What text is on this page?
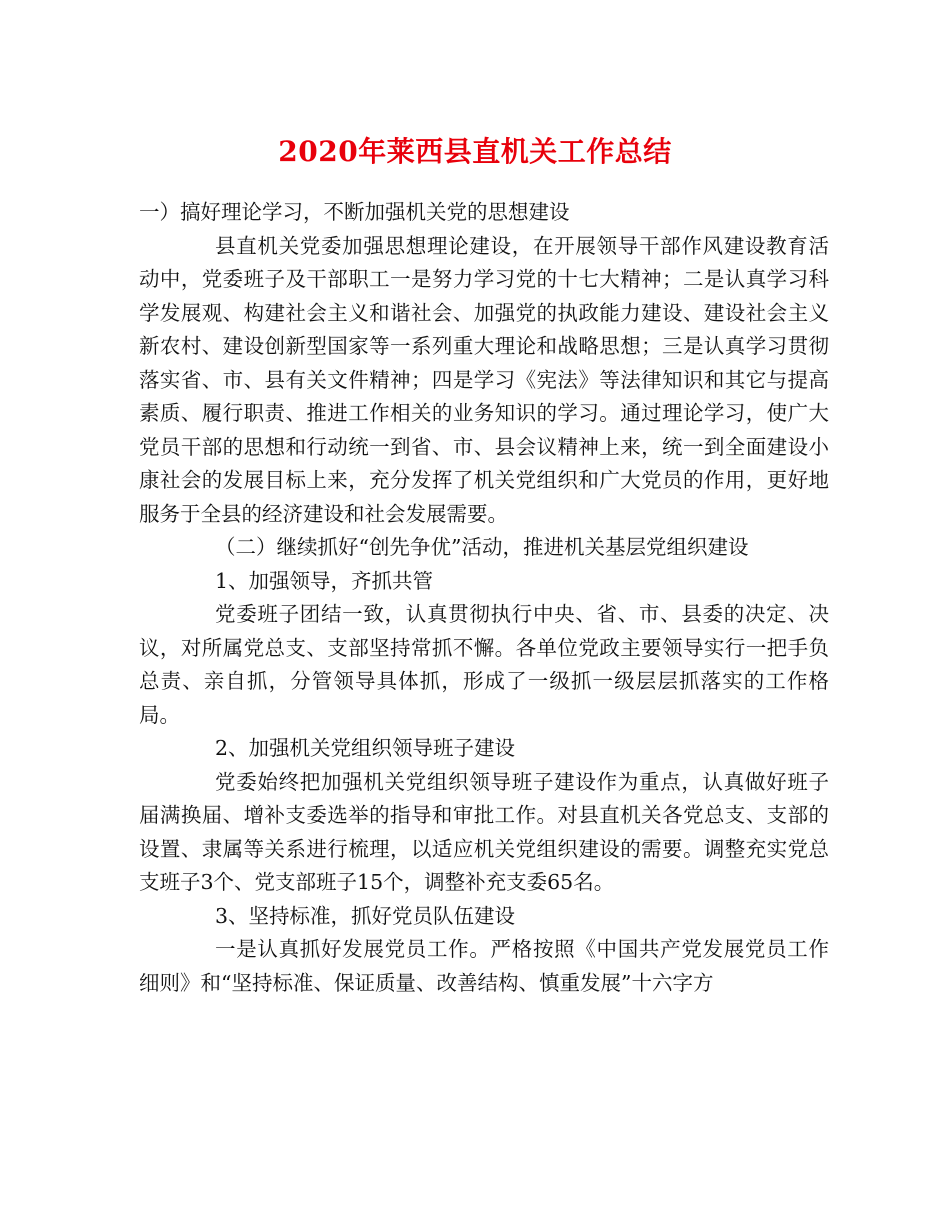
2020年莱西县直机关工作总结

一）搞好理论学习，不断加强机关党的思想建设

县直机关党委加强思想理论建设，在开展领导干部作风建设教育活动中，党委班子及干部职工一是努力学习党的十七大精神；二是认真学习科学发展观、构建社会主义和谐社会、加强党的执政能力建设、建设社会主义新农村、建设创新型国家等一系列重大理论和战略思想；三是认真学习贯彻落实省、市、县有关文件精神；四是学习《宪法》等法律知识和其它与提高素质、履行职责、推进工作相关的业务知识的学习。通过理论学习，使广大党员干部的思想和行动统一到省、市、县会议精神上来，统一到全面建设小康社会的发展目标上来，充分发挥了机关党组织和广大党员的作用，更好地服务于全县的经济建设和社会发展需要。

（二）继续抓好“创先争优”活动，推进机关基层党组织建设

1、加强领导，齐抓共管

党委班子团结一致，认真贯彻执行中央、省、市、县委的决定、决议，对所属党总支、支部坚持常抓不懈。各单位党政主要领导实行一把手负总责、亲自抓，分管领导具体抓，形成了一级抓一级层层抓落实的工作格局。

2、加强机关党组织领导班子建设

党委始终把加强机关党组织领导班子建设作为重点，认真做好班子届满换届、增补支委选举的指导和审批工作。对县直机关各党总支、支部的设置、隶属等关系进行梳理，以适应机关党组织建设的需要。调整充实党总支班子3个、党支部班子15个，调整补充支委65名。

3、坚持标准，抓好党员队伍建设

一是认真抓好发展党员工作。严格按照《中国共产党发展党员工作细则》和“坚持标准、保证质量、改善结构、慎重发展”十六字方
